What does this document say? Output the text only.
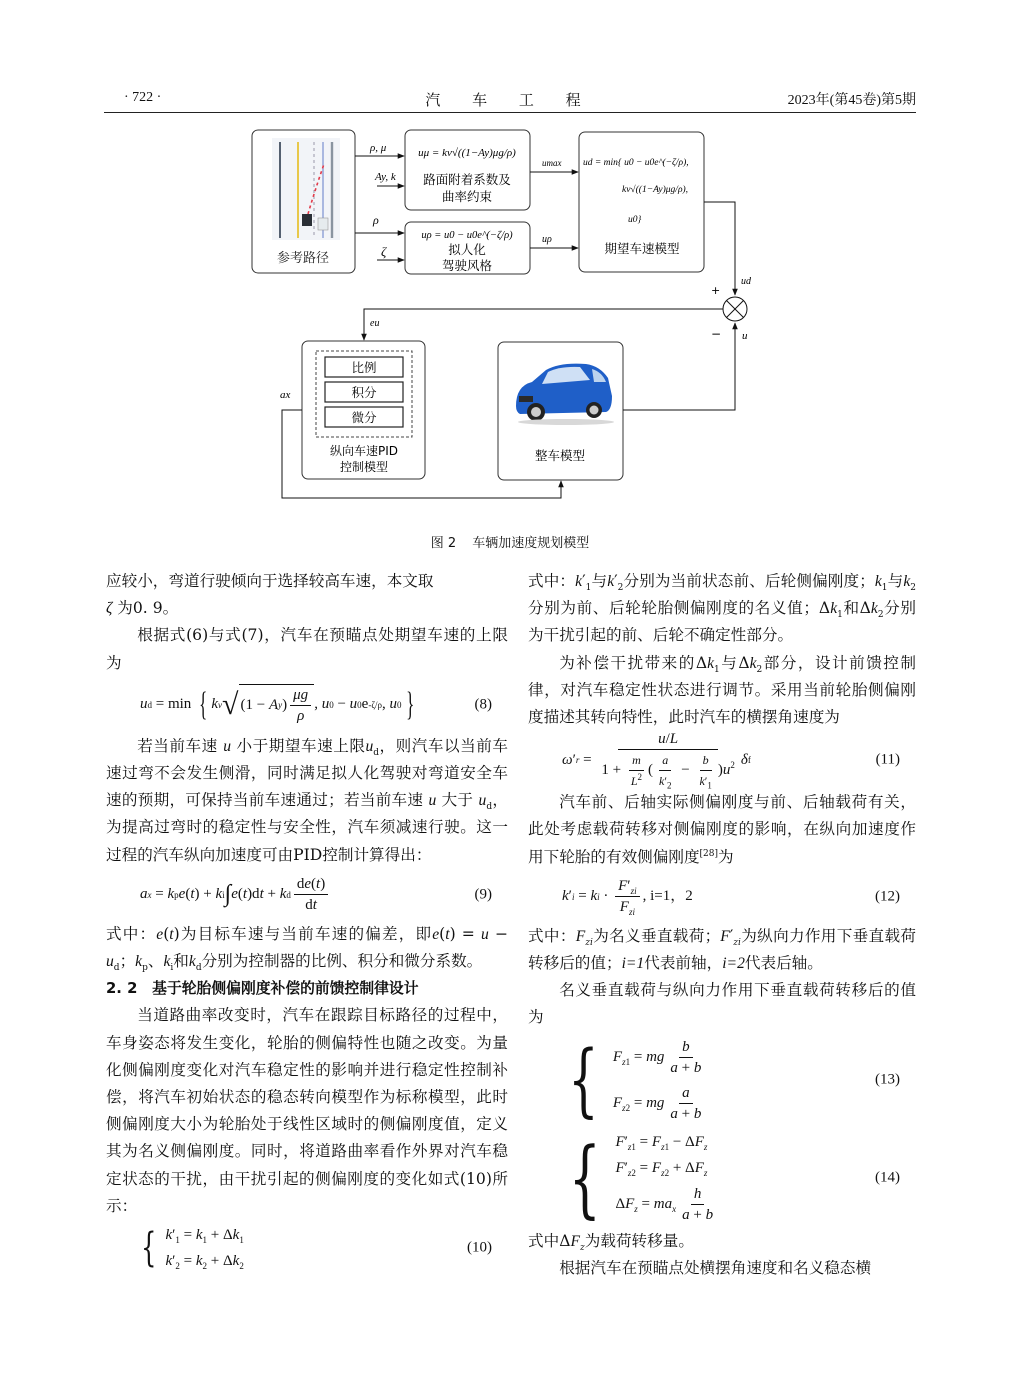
· 722 ·	汽 车 工 程	2023年(第45卷)第5期
参考路径
uμ = kv√((1−Ay)μg/ρ)
路面附着系数及
曲率约束
uρ = u0 − u0e^(−ζ/ρ)
拟人化
驾驶风格
ud = min{ u0 − u0e^(−ζ/ρ),
kv√((1−Ay)μg/ρ),
u0}
期望车速模型
ρ, μ
Ay, k
ρ
ζ
umax
uρ
ud
+
− u
eu
比例
积分
微分
纵向车速PID
控制模型
整车模型
ax
图 2 车辆加速度规划模型

应较小，弯道行驶倾向于选择较高车速，本文取
ζ 为0. 9。

根据式(6)与式(7)，汽车在预瞄点处期望车速的上限为

u d = min { k v √ (1 − A y ) $\frac{\mu g}{\rho}$ , u 0 − u 0 e -ζ/ρ , u 0 }	(8)

若当前车速 u 小于期望车速上限$u_d$，则汽车以当前车速过弯不会发生侧滑，同时满足拟人化驾驶对弯道安全车速的预期，可保持当前车速通过；若当前车速 u 大于 $u_d$，为提高过弯时的稳定性与安全性，汽车须减速行驶。这一过程的汽车纵向加速度可由PID控制计算得出：

a x = k p e ( t ) + k i ∫ e ( t )d t + k d $\frac{de(t)}{dt}$	(9)

式中：e(t)为目标车速与当前车速的偏差，即$e(t) = u - u_d$；$k_p$、$k_i$和$k_d$分别为控制器的比例、积分和微分系数。

2. 2　基于轮胎侧偏刚度补偿的前馈控制律设计

当道路曲率改变时，汽车在跟踪目标路径的过程中，车身姿态将发生变化，轮胎的侧偏特性也随之改变。为量化侧偏刚度变化对汽车稳定性的影响并进行稳定性控制补偿，将汽车初始状态的稳态转向模型作为标称模型，此时侧偏刚度大小为轮胎处于线性区域时的侧偏刚度值，定义其为名义侧偏刚度。同时，将道路曲率看作外界对汽车稳定状态的干扰，由干扰引起的侧偏刚度的变化如式(10)所示：

{ $k'_1 = k_1 + \Delta k_1$
$k'_2 = k_2 + \Delta k_2$
(10)

式中：$k'_1$与$k'_2$分别为当前状态前、后轮侧偏刚度；$k_1$与$k_2$分别为前、后轮轮胎侧偏刚度的名义值；$\Delta k_1$和$\Delta k_2$分别为干扰引起的前、后轮不确定性部分。

为补偿干扰带来的$\Delta k_1$与$\Delta k_2$部分，设计前馈控制律，对汽车稳定性状态进行调节。采用当前轮胎侧偏刚度描述其转向特性，此时汽车的横摆角速度为

ω ′ $r = \frac{u/L}{1 + \frac{m}{L^2} ( \frac{a}{k'_2} - \frac{b}{k'_1} )u^2}$ δ f	(11)

汽车前、后轴实际侧偏刚度与前、后轴载荷有关，此处考虑载荷转移对侧偏刚度的影响，在纵向加速度作用下轮胎的有效侧偏刚度[28]为

k ′ i = k $i \cdot \frac{F'_{zi}}{F_{zi}}$ , i=1，2	(12)

式中：$F_{zi}$为名义垂直载荷；$F'_{zi}$为纵向力作用下垂直载荷转移后的值；i=1代表前轴，i=2代表后轴。

名义垂直载荷与纵向力作用下垂直载荷转移后的值为

{ $F_{z1}$ = mg $\frac{b}{a + b}$
$F_{z2}$ = mg $\frac{a}{a + b}$
(13)
{ $F'_{z1} = F_{z1} - \Delta F_z$
$F'_{z2} = F_{z2} + \Delta F_z$
$\Delta F_z = ma_x \frac{h}{a + b}$
(14)

式中$\Delta F_z$为载荷转移量。

根据汽车在预瞄点处横摆角速度和名义稳态横
